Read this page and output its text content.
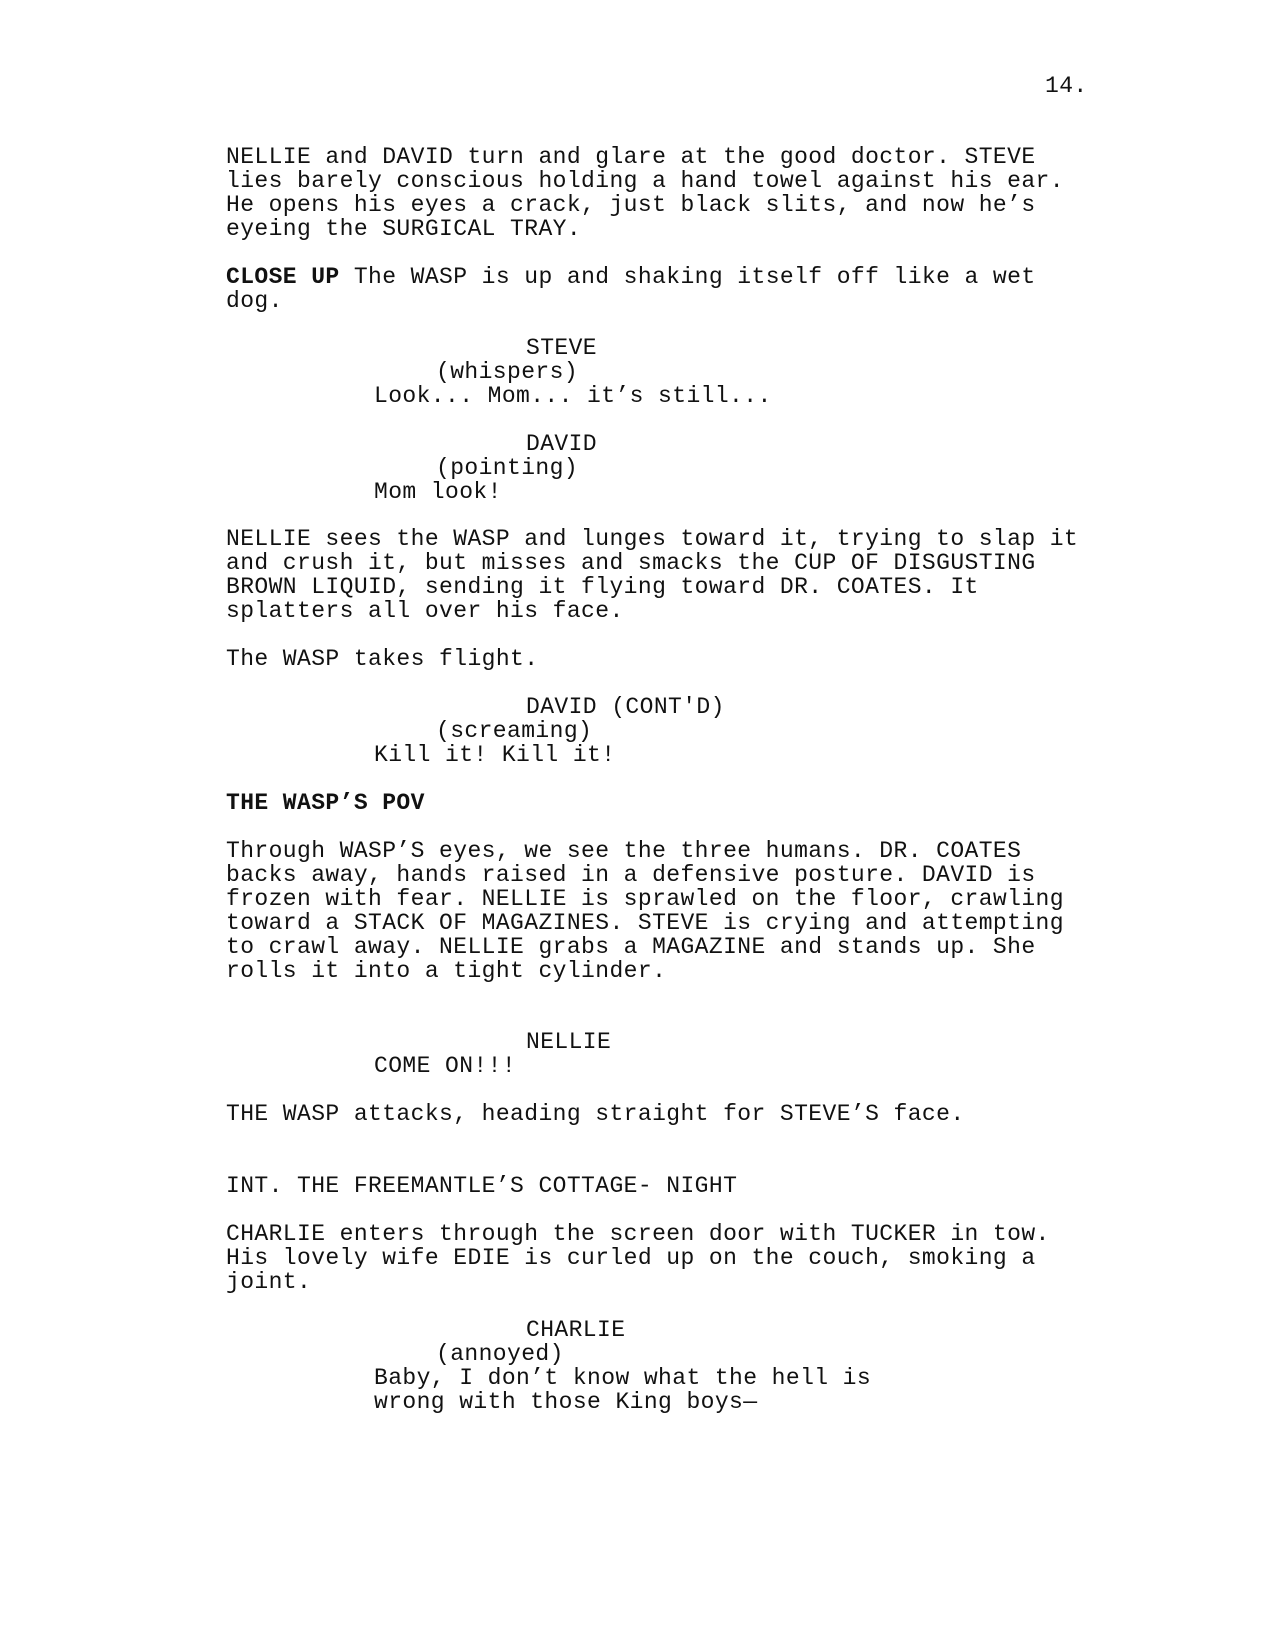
14.
NELLIE and DAVID turn and glare at the good doctor. STEVE
lies barely conscious holding a hand towel against his ear.
He opens his eyes a crack, just black slits, and now he’s
eyeing the SURGICAL TRAY.
CLOSE UP The WASP is up and shaking itself off like a wet
dog.
STEVE
(whispers)
Look... Mom... it’s still...
DAVID
(pointing)
Mom look!
NELLIE sees the WASP and lunges toward it, trying to slap it
and crush it, but misses and smacks the CUP OF DISGUSTING
BROWN LIQUID, sending it flying toward DR. COATES. It
splatters all over his face.
The WASP takes flight.
DAVID (CONT'D)
(screaming)
Kill it! Kill it!
THE WASP’S POV
Through WASP’S eyes, we see the three humans. DR. COATES
backs away, hands raised in a defensive posture. DAVID is
frozen with fear. NELLIE is sprawled on the floor, crawling
toward a STACK OF MAGAZINES. STEVE is crying and attempting
to crawl away. NELLIE grabs a MAGAZINE and stands up. She
rolls it into a tight cylinder.
NELLIE
COME ON!!!
THE WASP attacks, heading straight for STEVE’S face.
INT. THE FREEMANTLE’S COTTAGE- NIGHT
CHARLIE enters through the screen door with TUCKER in tow.
His lovely wife EDIE is curled up on the couch, smoking a
joint.
CHARLIE
(annoyed)
Baby, I don’t know what the hell is
wrong with those King boys—
